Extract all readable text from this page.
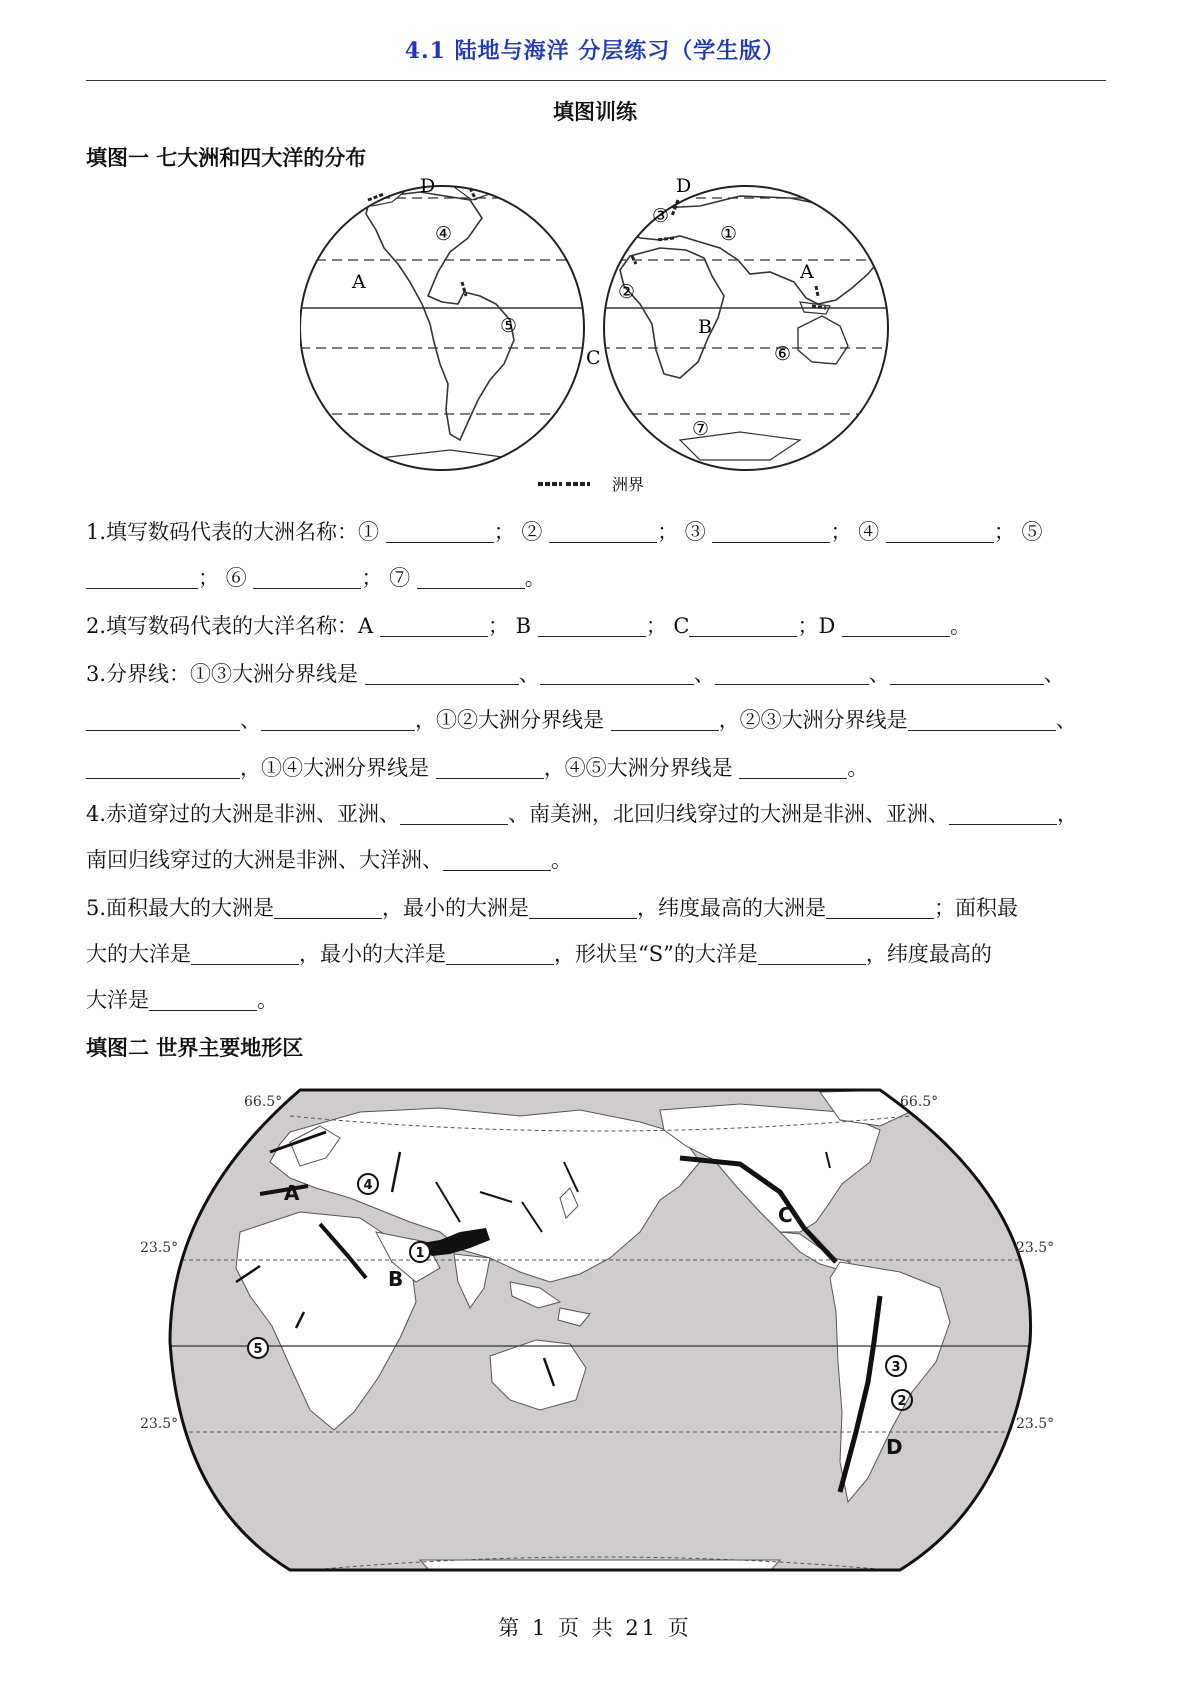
4.1 陆地与海洋 分层练习（学生版）
填图训练
填图一 七大洲和四大洋的分布
D
④
A
⑤
D
③
①
A
②
B
⑥
C
⑦
洲界
1.填写数码代表的大洲名称：①	； ②	； ③	； ④	； ⑤
； ⑥	； ⑦	。
2.填写数码代表的大洋名称：A	； B	； C	；D	。
3.分界线：①③大洲分界线是	、	、	、	、
、	，①②大洲分界线是	，②③大洲分界线是	、
，①④大洲分界线是	，④⑤大洲分界线是	。
4.赤道穿过的大洲是非洲、亚洲、	、南美洲，北回归线穿过的大洲是非洲、亚洲、	，
南回归线穿过的大洲是非洲、大洋洲、	。
5.面积最大的大洲是	，最小的大洲是	，纬度最高的大洲是	；面积最
大的大洋是	，最小的大洋是	，形状呈“S”的大洋是	，纬度最高的
大洋是	。
填图二 世界主要地形区
66.5°	66.5°
23.5°	23.5°
23.5°	23.5°
A
B
C
D
4
1
5
3
2
第 1 页 共 21 页
